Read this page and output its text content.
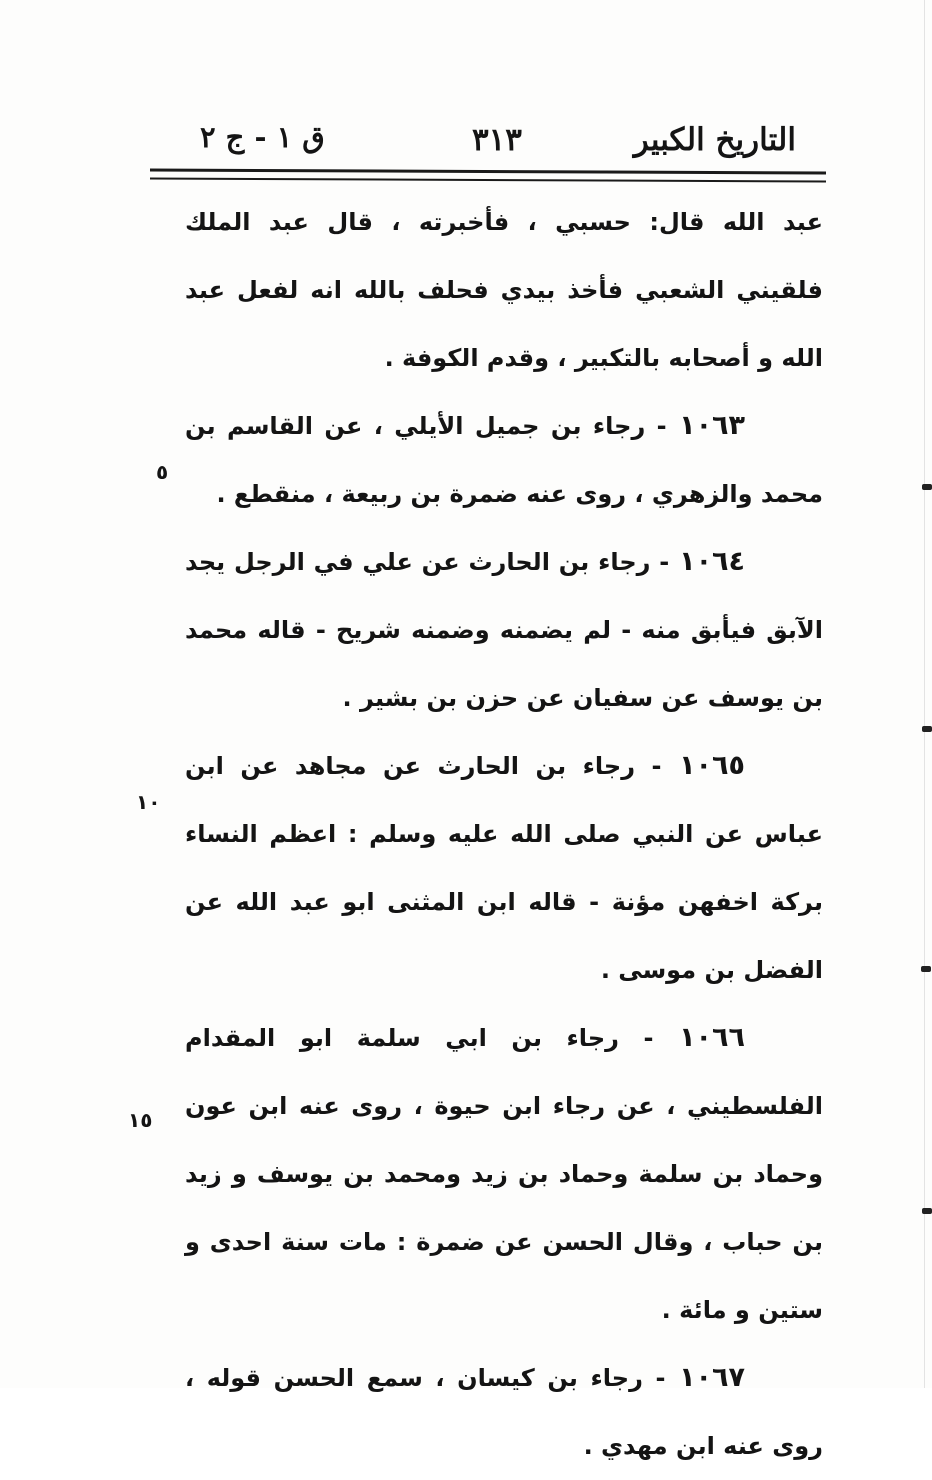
التاريخ الكبير
٣١٣
ق ١ - ج ٢

عبد الله قال: حسبي ، فأخبرته ، قال عبد الملك فلقيني الشعبي فأخذ بيدي فحلف بالله انه لفعل عبد الله و أصحابه بالتكبير ، وقدم الكوفة .

١٠٦٣ - رجاء بن جميل الأيلي ، عن القاسم بن محمد والزهري ، روى عنه ضمرة بن ربيعة ، منقطع .

١٠٦٤ - رجاء بن الحارث عن علي في الرجل يجد الآبق فيأبق منه - لم يضمنه وضمنه شريح - قاله محمد بن يوسف عن سفيان عن حزن بن بشير .

١٠٦٥ - رجاء بن الحارث عن مجاهد عن ابن عباس عن النبي صلى الله عليه وسلم : اعظم النساء بركة اخفهن مؤنة - قاله ابن المثنى ابو عبد الله عن الفضل بن موسى .

١٠٦٦ - رجاء بن ابي سلمة ابو المقدام الفلسطيني ، عن رجاء ابن حيوة ، روى عنه ابن عون وحماد بن سلمة وحماد بن زيد ومحمد بن يوسف و زيد بن حباب ، وقال الحسن عن ضمرة : مات سنة احدى و ستين و مائة .

١٠٦٧ - رجاء بن كيسان ، سمع الحسن قوله ، روى عنه ابن مهدي .

٥
١٠
١٥
